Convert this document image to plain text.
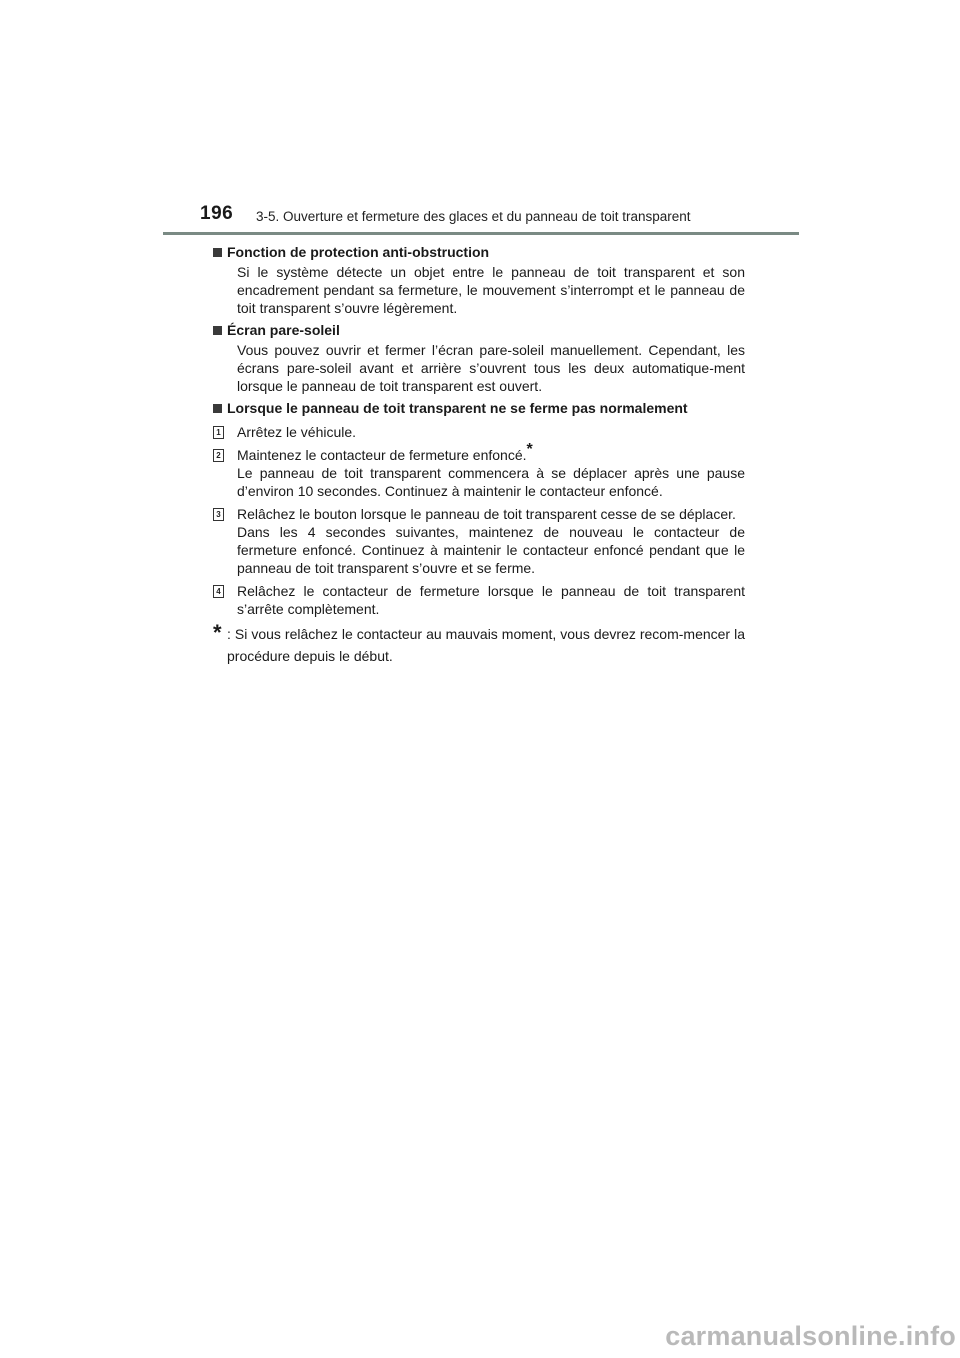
196 3-5. Ouverture et fermeture des glaces et du panneau de toit transparent
Fonction de protection anti-obstruction
Si le système détecte un objet entre le panneau de toit transparent et son encadrement pendant sa fermeture, le mouvement s’interrompt et le panneau de toit transparent s’ouvre légèrement.
Écran pare-soleil
Vous pouvez ouvrir et fermer l’écran pare-soleil manuellement. Cependant, les écrans pare-soleil avant et arrière s’ouvrent tous les deux automatique-ment lorsque le panneau de toit transparent est ouvert.
Lorsque le panneau de toit transparent ne se ferme pas normalement
1 Arrêtez le véhicule.

2 Maintenez le contacteur de fermeture enfoncé.*

Le panneau de toit transparent commencera à se déplacer après une pause d’environ 10 secondes. Continuez à maintenir le contacteur enfoncé.

3 Relâchez le bouton lorsque le panneau de toit transparent cesse de se déplacer.

Dans les 4 secondes suivantes, maintenez de nouveau le contacteur de fermeture enfoncé. Continuez à maintenir le contacteur enfoncé pendant que le panneau de toit transparent s’ouvre et se ferme.

4 Relâchez le contacteur de fermeture lorsque le panneau de toit transparent s’arrête complètement.

* : Si vous relâchez le contacteur au mauvais moment, vous devrez recom-mencer la procédure depuis le début.
carmanualsonline.info
